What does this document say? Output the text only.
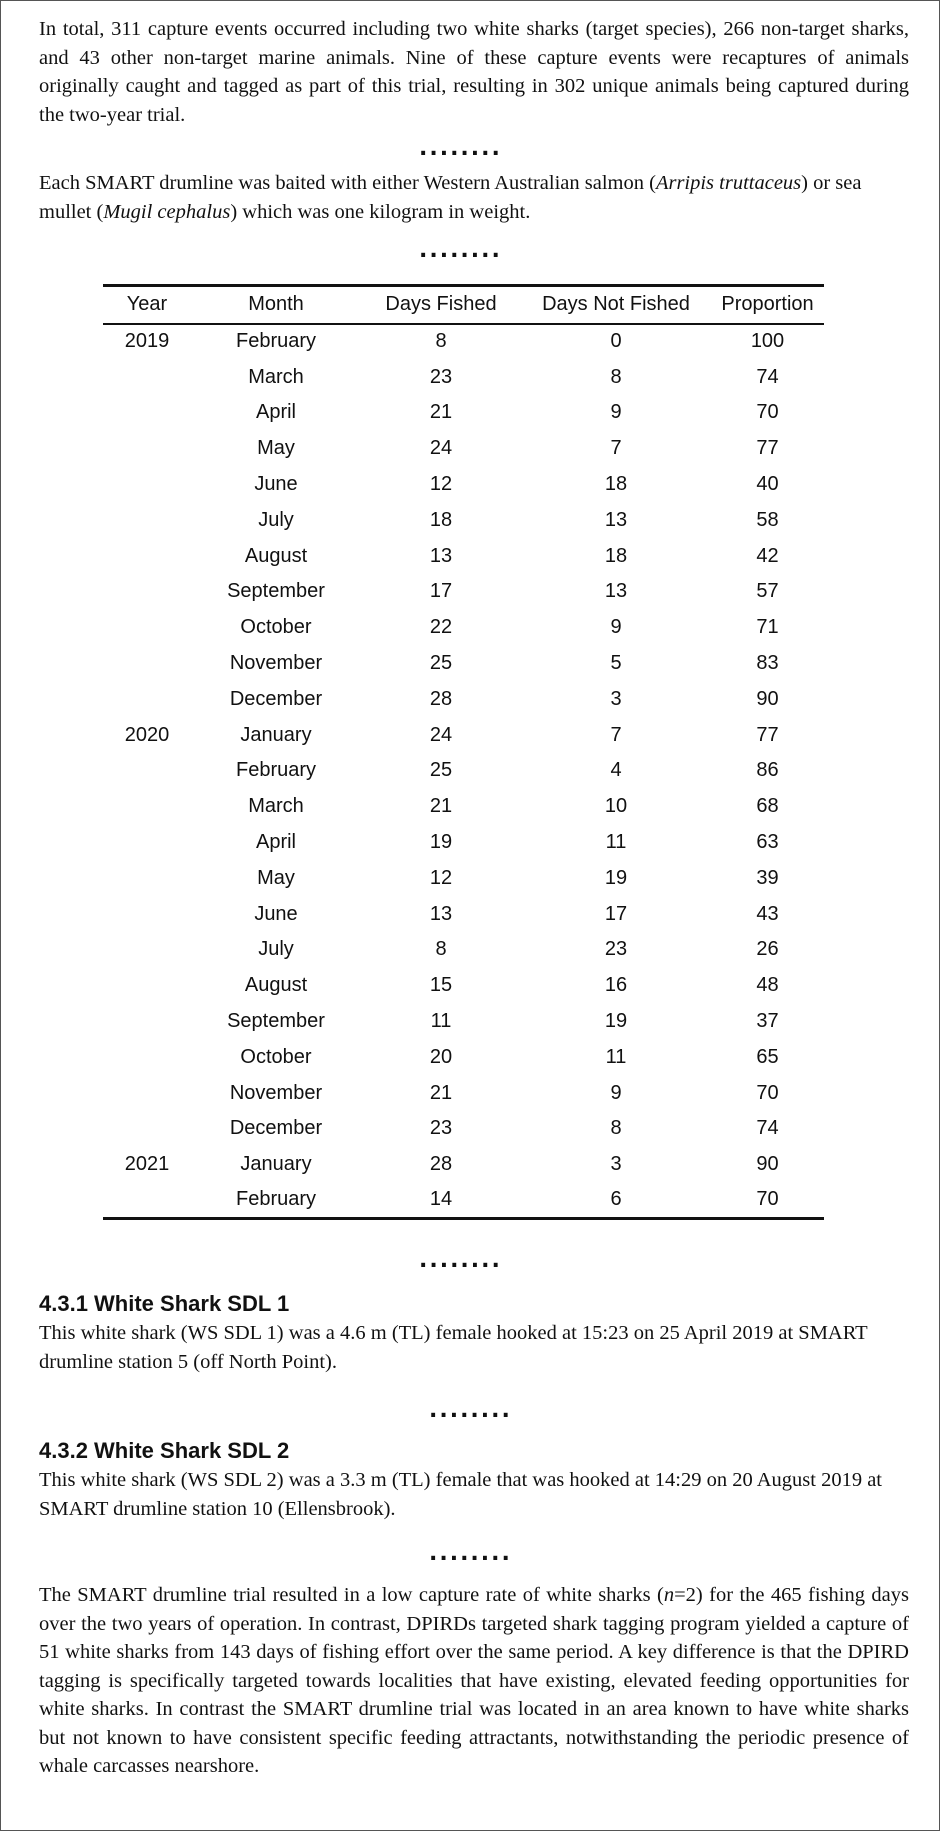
In total, 311 capture events occurred including two white sharks (target species), 266 non-target sharks, and 43 other non-target marine animals. Nine of these capture events were recaptures of animals originally caught and tagged as part of this trial, resulting in 302 unique animals being captured during the two-year trial.

........

Each SMART drumline was baited with either Western Australian salmon (Arripis truttaceus) or sea mullet (Mugil cephalus) which was one kilogram in weight.

........
Year	Month	Days Fished	Days Not Fished	Proportion
2019	February	8	0	100
	March	23	8	74
	April	21	9	70
	May	24	7	77
	June	12	18	40
	July	18	13	58
	August	13	18	42
	September	17	13	57
	October	22	9	71
	November	25	5	83
	December	28	3	90
2020	January	24	7	77
	February	25	4	86
	March	21	10	68
	April	19	11	63
	May	12	19	39
	June	13	17	43
	July	8	23	26
	August	15	16	48
	September	11	19	37
	October	20	11	65
	November	21	9	70
	December	23	8	74
2021	January	28	3	90
	February	14	6	70
........
4.3.1 White Shark SDL 1

This white shark (WS SDL 1) was a 4.6 m (TL) female hooked at 15:23 on 25 April 2019 at SMART drumline station 5 (off North Point).

........
4.3.2 White Shark SDL 2

This white shark (WS SDL 2) was a 3.3 m (TL) female that was hooked at 14:29 on 20 August 2019 at SMART drumline station 10 (Ellensbrook).

........

The SMART drumline trial resulted in a low capture rate of white sharks (n=2) for the 465 fishing days over the two years of operation. In contrast, DPIRDs targeted shark tagging program yielded a capture of 51 white sharks from 143 days of fishing effort over the same period. A key difference is that the DPIRD tagging is specifically targeted towards localities that have existing, elevated feeding opportunities for white sharks. In contrast the SMART drumline trial was located in an area known to have white sharks but not known to have consistent specific feeding attractants, notwithstanding the periodic presence of whale carcasses nearshore.
